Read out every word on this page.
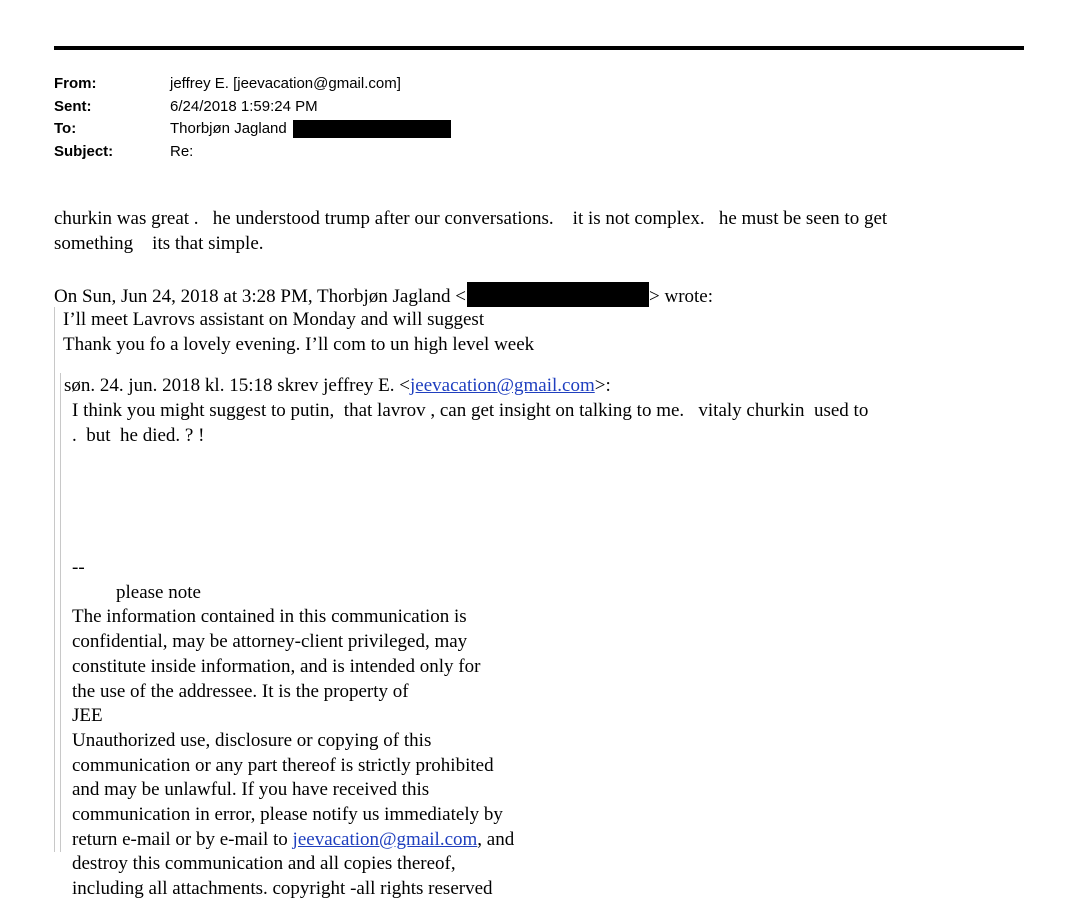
From:	jeffrey E. [jeevacation@gmail.com]
Sent:	6/24/2018 1:59:24 PM
To:	Thorbjøn Jagland
Subject:	Re:

churkin was great .   he understood trump after our conversations.    it is not complex.   he must be seen to get

something    its that simple.

On Sun, Jun 24, 2018 at 3:28 PM, Thorbjøn Jagland <	> wrote:

I’ll meet Lavrovs assistant on Monday and will suggest

Thank you fo a lovely evening. I’ll com to un high level week

søn. 24. jun. 2018 kl. 15:18 skrev jeffrey E. <jeevacation@gmail.com>:

I think you might suggest to putin,  that lavrov , can get insight on talking to me.   vitaly churkin  used to

.  but  he died. ? !

--

please note

The information contained in this communication is

confidential, may be attorney-client privileged, may

constitute inside information, and is intended only for

the use of the addressee. It is the property of

JEE

Unauthorized use, disclosure or copying of this

communication or any part thereof is strictly prohibited

and may be unlawful. If you have received this

communication in error, please notify us immediately by

return e-mail or by e-mail to jeevacation@gmail.com, and

destroy this communication and all copies thereof,

including all attachments. copyright -all rights reserved
